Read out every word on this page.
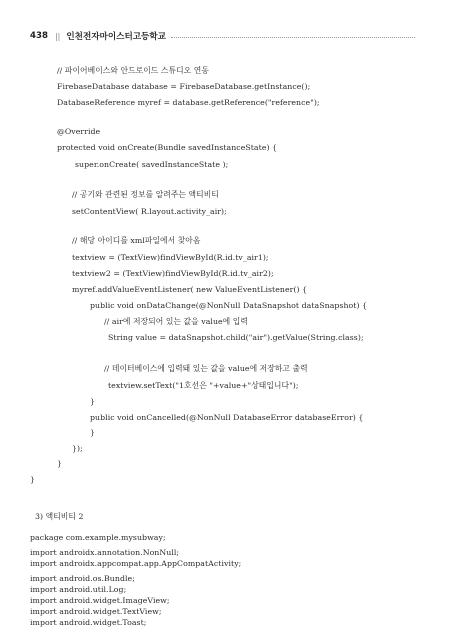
438 || 인천전자마이스터고등학교
// 파이어베이스와 안드로이드 스튜디오 연동
FirebaseDatabase database = FirebaseDatabase.getInstance();
DatabaseReference myref = database.getReference("reference");
@Override
protected void onCreate(Bundle savedInstanceState) {
super.onCreate( savedInstanceState );
// 공기와 관련된 정보를 알려주는 액티비티
setContentView( R.layout.activity_air);
// 해당 아이디를 xml파일에서 찾아옴
textview = (TextView)findViewById(R.id.tv_air1);
textview2 = (TextView)findViewById(R.id.tv_air2);
myref.addValueEventListener( new ValueEventListener() {
public void onDataChange(@NonNull DataSnapshot dataSnapshot) {
// air에 저장되어 있는 값을 value에 입력
String value = dataSnapshot.child("air").getValue(String.class);
// 데이터베이스에 입력돼 있는 값을 value에 저장하고 출력
textview.setText("1호선은 "+value+"상태입니다");
}
public void onCancelled(@NonNull DatabaseError databaseError) {
}
});
}
}
3) 액티비티 2
package com.example.mysubway;
import androidx.annotation.NonNull;
import androidx.appcompat.app.AppCompatActivity;
import android.os.Bundle;
import android.util.Log;
import android.widget.ImageView;
import android.widget.TextView;
import android.widget.Toast;
